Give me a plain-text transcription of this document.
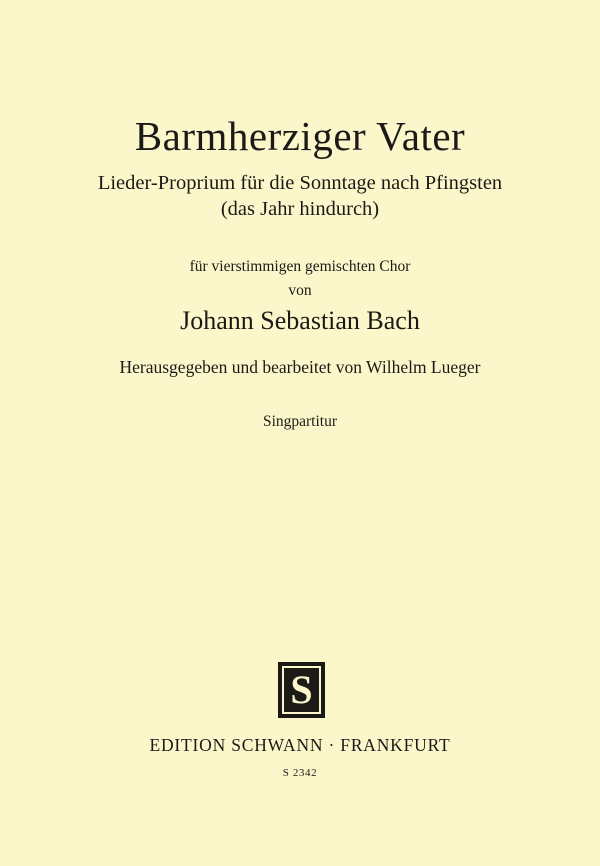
Barmherziger Vater
Lieder-Proprium für die Sonntage nach Pfingsten
(das Jahr hindurch)
für vierstimmigen gemischten Chor
von
Johann Sebastian Bach
Herausgegeben und bearbeitet von Wilhelm Lueger
Singpartitur
S
EDITION SCHWANN · FRANKFURT
S 2342
